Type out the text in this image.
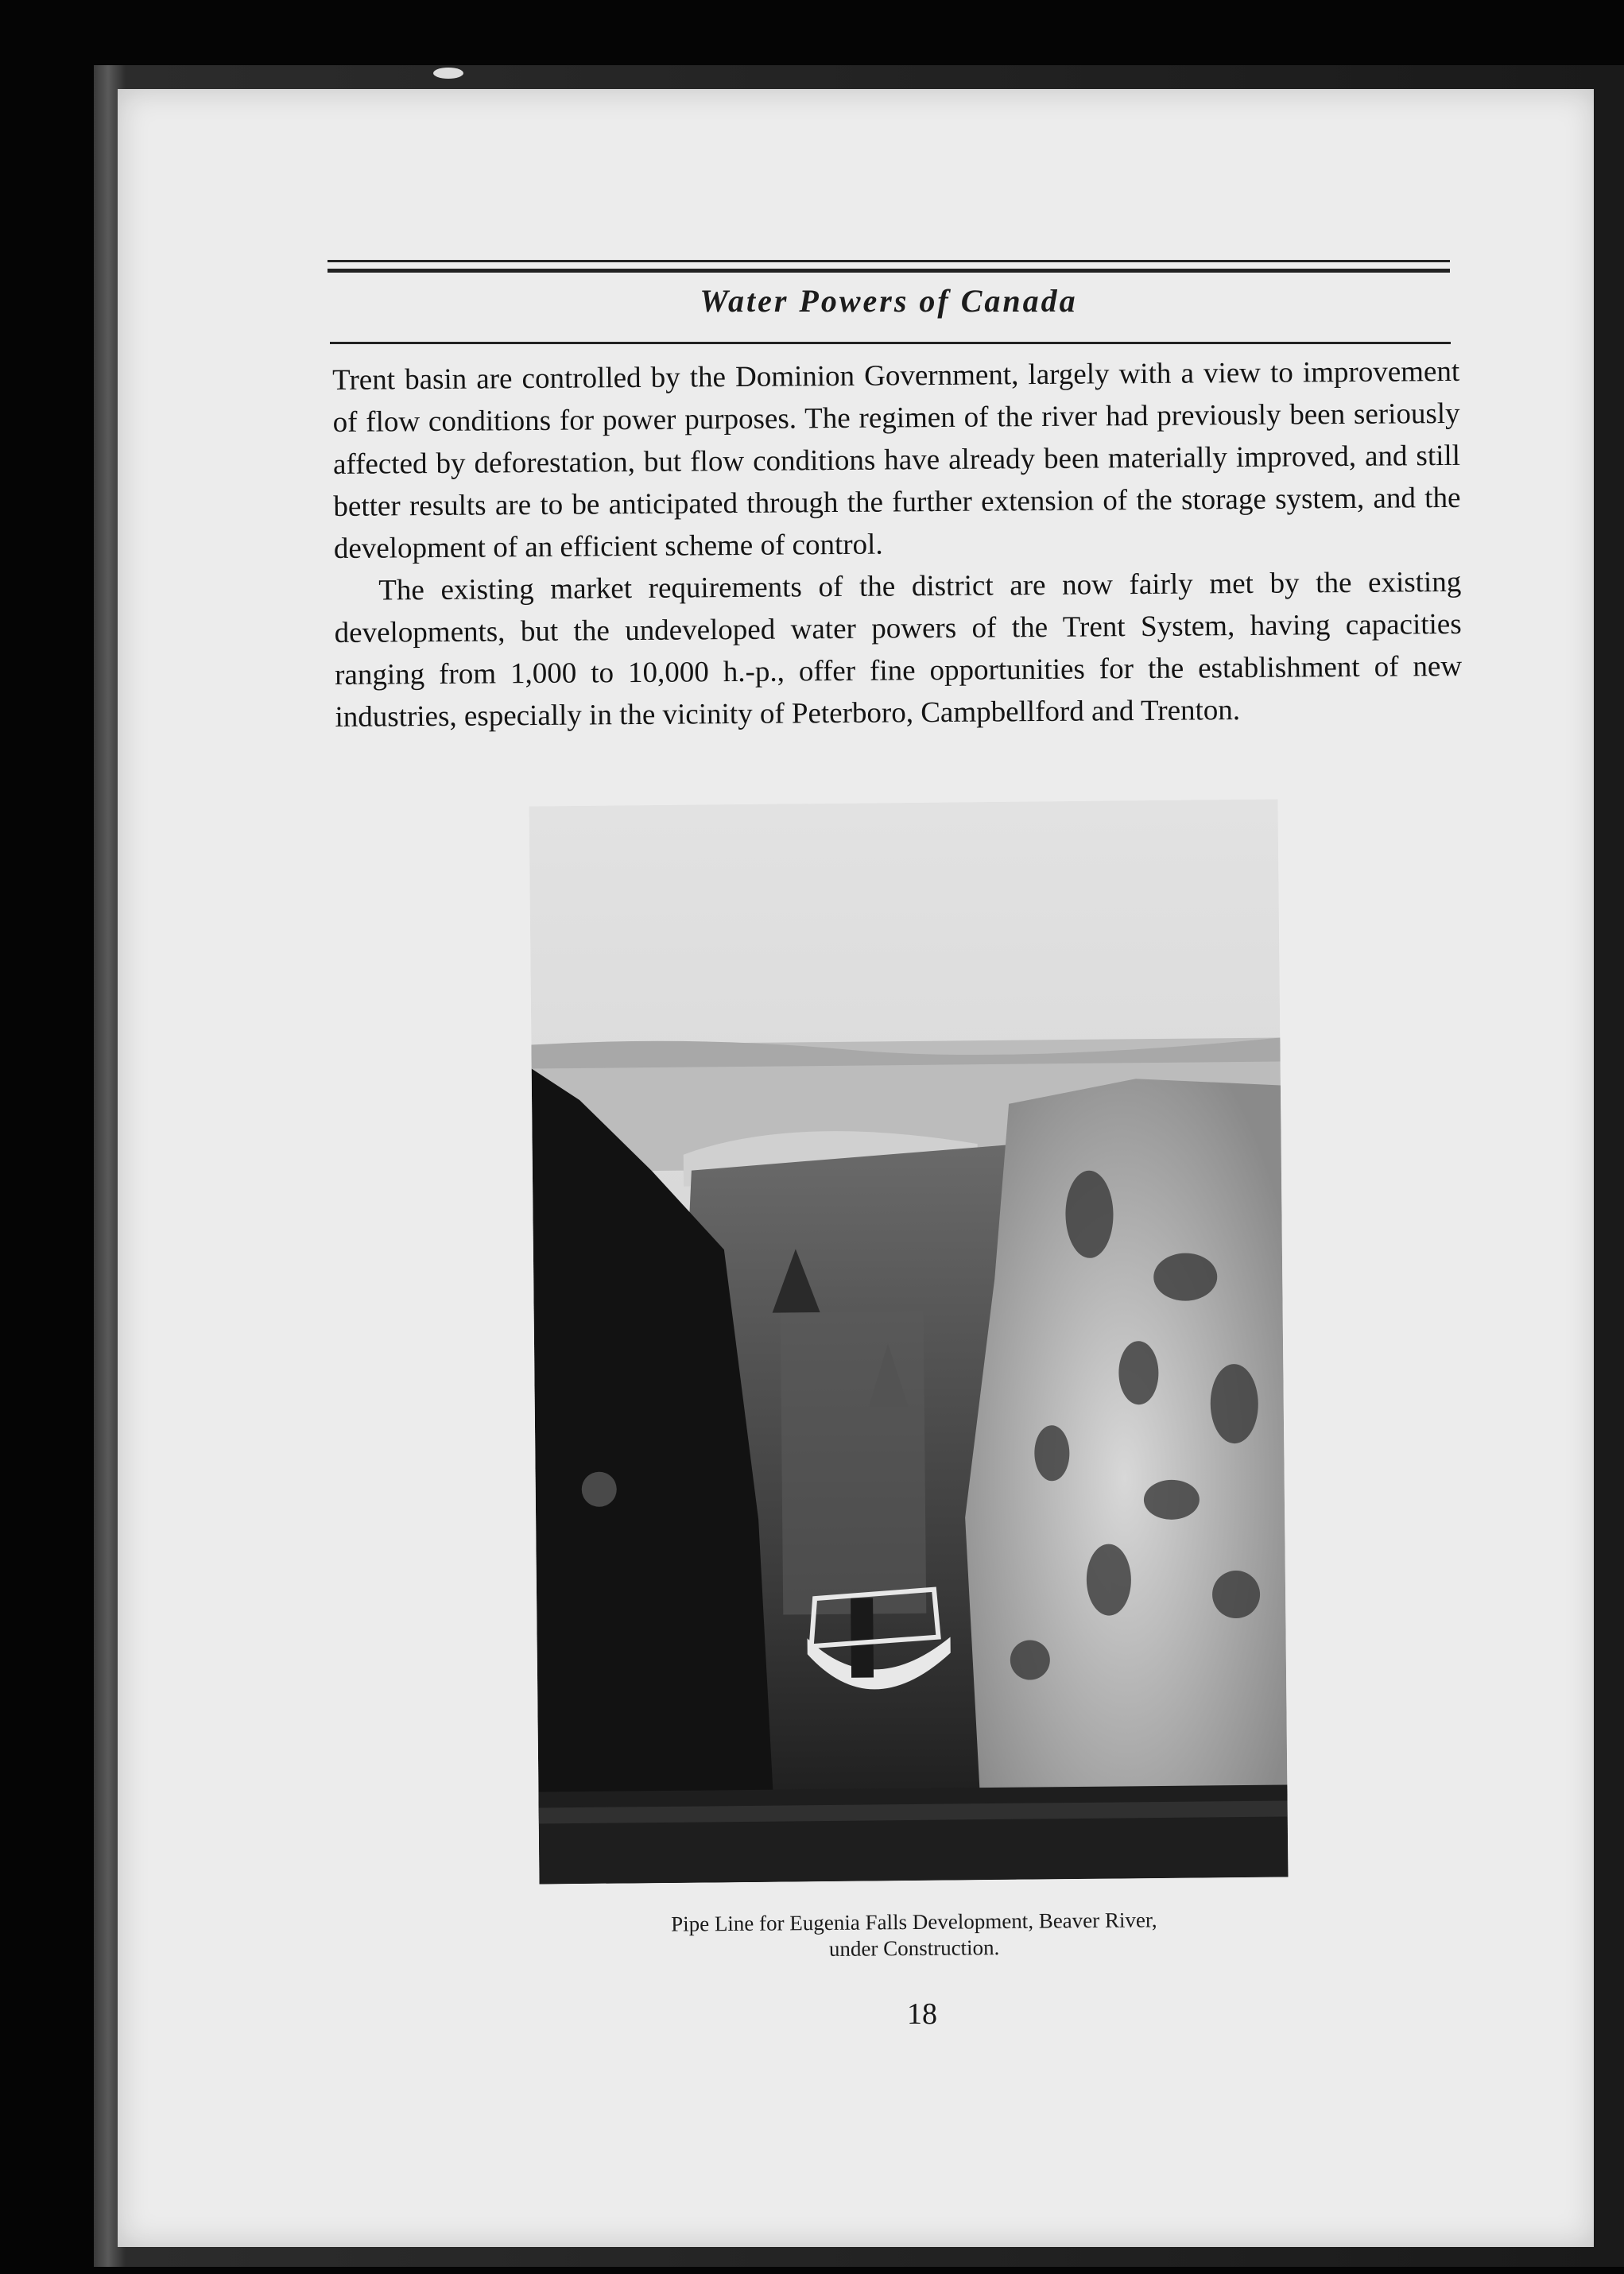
Water Powers of Canada

Trent basin are controlled by the Dominion Government, largely with a view to improvement of flow conditions for power purposes. The regimen of the river had previously been seriously affected by deforestation, but flow conditions have already been materially improved, and still better results are to be anticipated through the further extension of the storage system, and the development of an efficient scheme of control.

The existing market requirements of the district are now fairly met by the existing developments, but the undeveloped water powers of the Trent System, having capacities ranging from 1,000 to 10,000 h.-p., offer fine opportunities for the establishment of new industries, especially in the vicinity of Peterboro, Campbellford and Trenton.

Pipe Line for Eugenia Falls Development, Beaver River,
under Construction.
18
